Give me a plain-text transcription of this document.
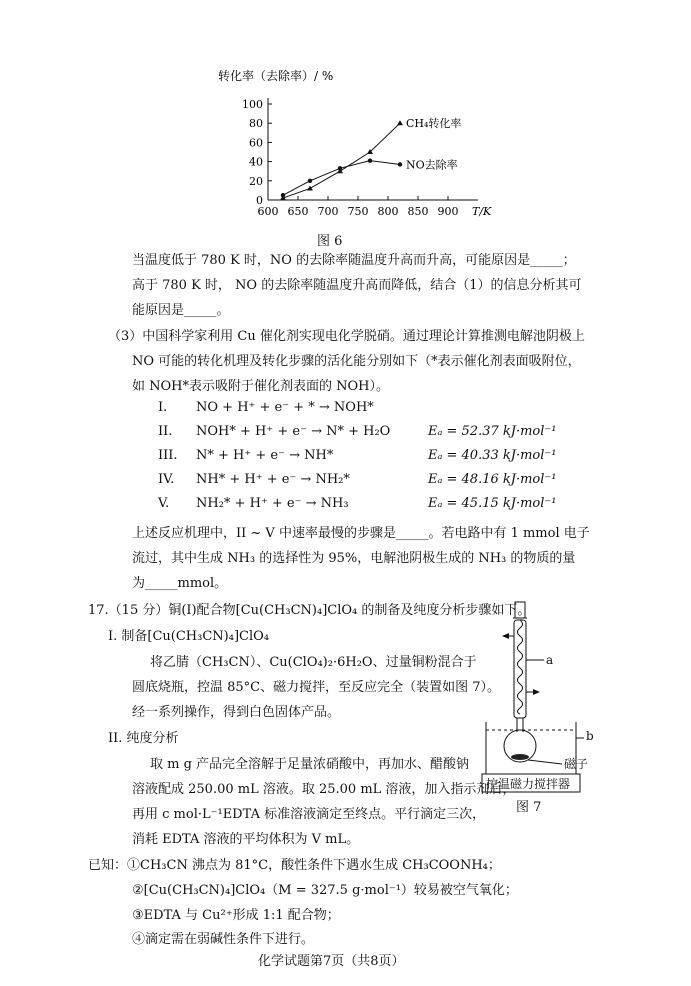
转化率（去除率）/ %
0
20
40
60
80
100
600 650 700 750 800 850 900 T/K
CH₄转化率
NO去除率
图 6
当温度低于 780 K 时，NO 的去除率随温度升高而升高，可能原因是_____；
高于 780 K 时， NO 的去除率随温度升高而降低，结合（1）的信息分析其可
能原因是_____。
（3）中国科学家利用 Cu 催化剂实现电化学脱硝。通过理论计算推测电解池阴极上
NO 可能的转化机理及转化步骤的活化能分别如下（*表示催化剂表面吸附位，
如 NOH*表示吸附于催化剂表面的 NOH）。
I. NO + H⁺ + e⁻ + * → NOH*
II. NOH* + H⁺ + e⁻ → N* + H₂O	Eₐ = 52.37 kJ·mol⁻¹
III. N* + H⁺ + e⁻ → NH*	Eₐ = 40.33 kJ·mol⁻¹
IV. NH* + H⁺ + e⁻ → NH₂*	Eₐ = 48.16 kJ·mol⁻¹
V. NH₂* + H⁺ + e⁻ → NH₃	Eₐ = 45.15 kJ·mol⁻¹
上述反应机理中，II ~ V 中速率最慢的步骤是_____。若电路中有 1 mmol 电子
流过，其中生成 NH₃ 的选择性为 95%，电解池阴极生成的 NH₃ 的物质的量
为_____mmol。
17.（15 分）铜(I)配合物[Cu(CH₃CN)₄]ClO₄ 的制备及纯度分析步骤如下。
I. 制备[Cu(CH₃CN)₄]ClO₄
将乙腈（CH₃CN）、Cu(ClO₄)₂·6H₂O、过量铜粉混合于
圆底烧瓶，控温 85°C、磁力搅拌，至反应完全（装置如图 7）。
经一系列操作，得到白色固体产品。
II. 纯度分析
取 m g 产品完全溶解于足量浓硝酸中，再加水、醋酸钠
溶液配成 250.00 mL 溶液。取 25.00 mL 溶液，加入指示剂后，
再用 c mol·L⁻¹EDTA 标准溶液滴定至终点。平行滴定三次，
消耗 EDTA 溶液的平均体积为 V mL。
已知：①CH₃CN 沸点为 81°C，酸性条件下遇水生成 CH₃COONH₄；
②[Cu(CH₃CN)₄]ClO₄（M = 327.5 g·mol⁻¹）较易被空气氧化；
③EDTA 与 Cu²⁺形成 1:1 配合物；
④滴定需在弱碱性条件下进行。
a
b
磁子
控温磁力搅拌器
图 7
化学试题第7页（共8页）
